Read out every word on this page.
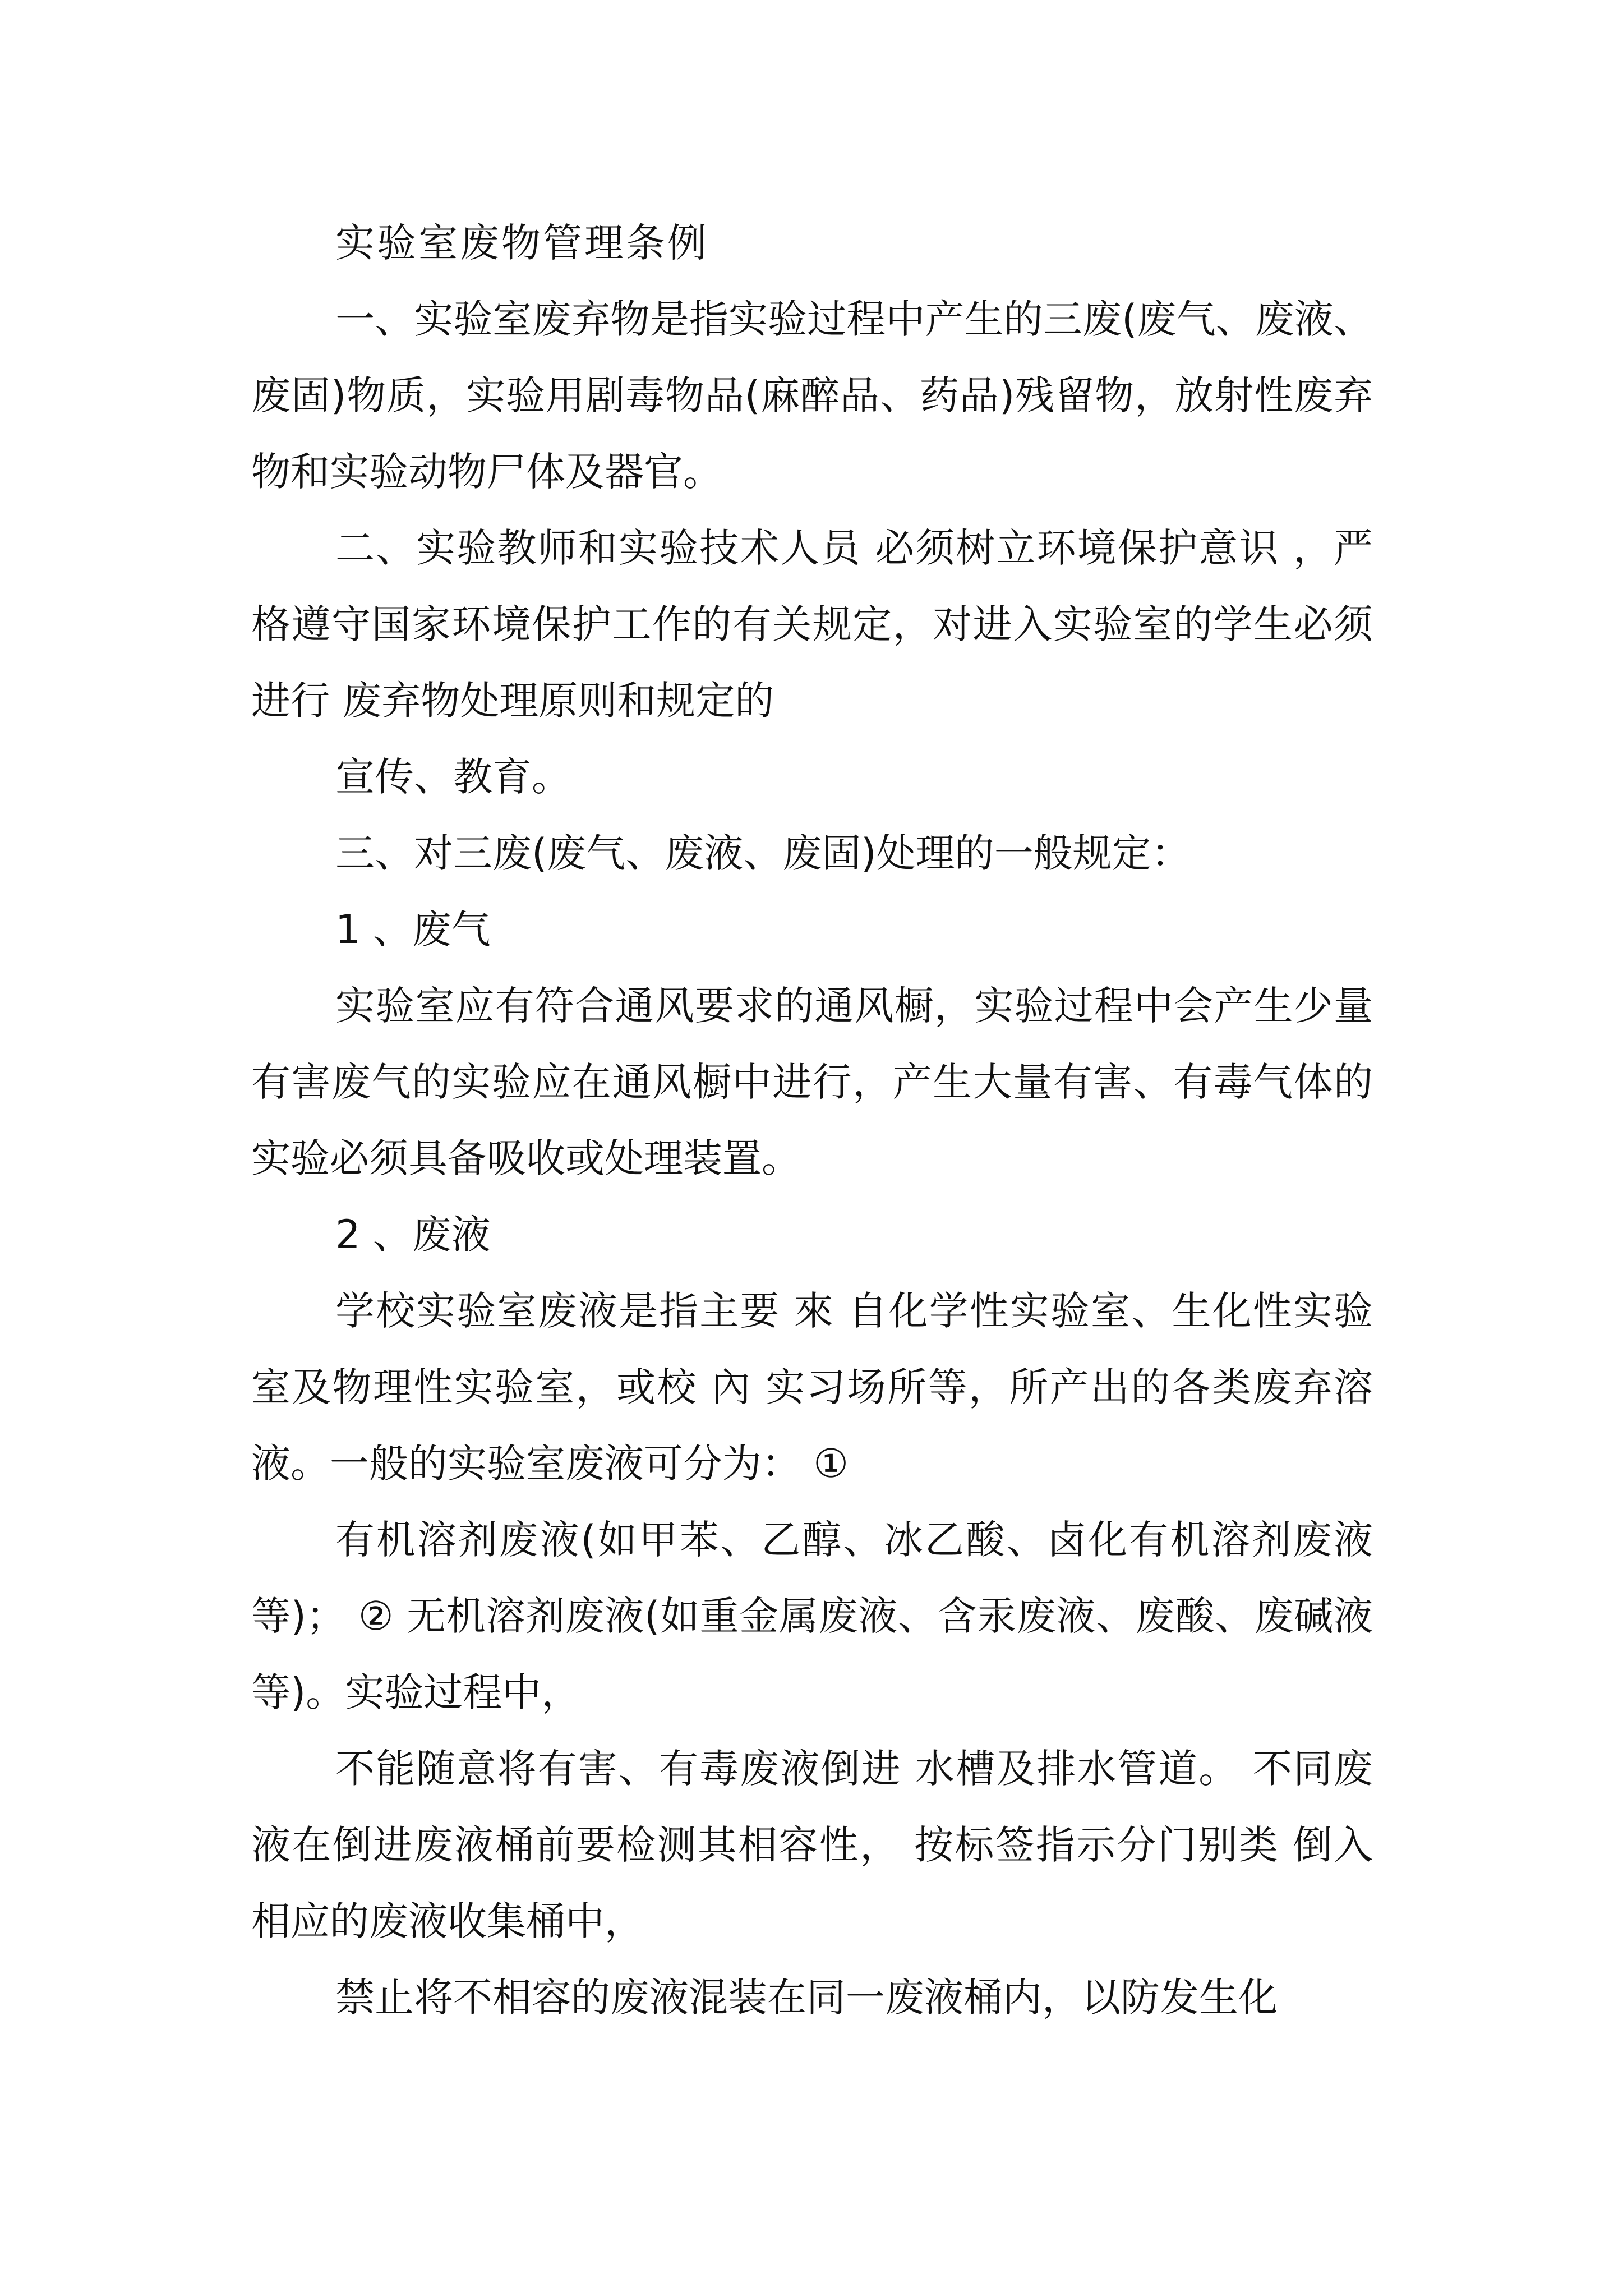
实验室废物管理条例

一、实验室废弃物是指实验过程中产生的三废(废气、废液、废固)物质，实验用剧毒物品(麻醉品、药品)残留物，放射性废弃物和实验动物尸体及器官。

二、实验教师和实验技术人员 必须树立环境保护意识 ，严格遵守国家环境保护工作的有关规定，对进入实验室的学生必须进行 废弃物处理原则和规定的

宣传、教育。

三、对三废(废气、废液、废固)处理的一般规定：

1 、废气

实验室应有符合通风要求的通风橱，实验过程中会产生少量有害废气的实验应在通风橱中进行，产生大量有害、有毒气体的实验必须具备吸收或处理装置。

2 、废液

学校实验室废液是指主要 來 自化学性实验室、生化性实验室及物理性实验室，或校 內 实习场所等，所产出的各类废弃溶液。一般的实验室废液可分为： ①

有机溶剂废液(如甲苯、乙醇、冰乙酸、卤化有机溶剂废液等)； ② 无机溶剂废液(如重金属废液、含汞废液、废酸、废碱液等)。实验过程中，

不能随意将有害、有毒废液倒进 水槽及排水管道。 不同废液在倒进废液桶前要检测其相容性， 按标签指示分门别类 倒入相应的废液收集桶中，

禁止将不相容的废液混装在同一废液桶内，以防发生化
